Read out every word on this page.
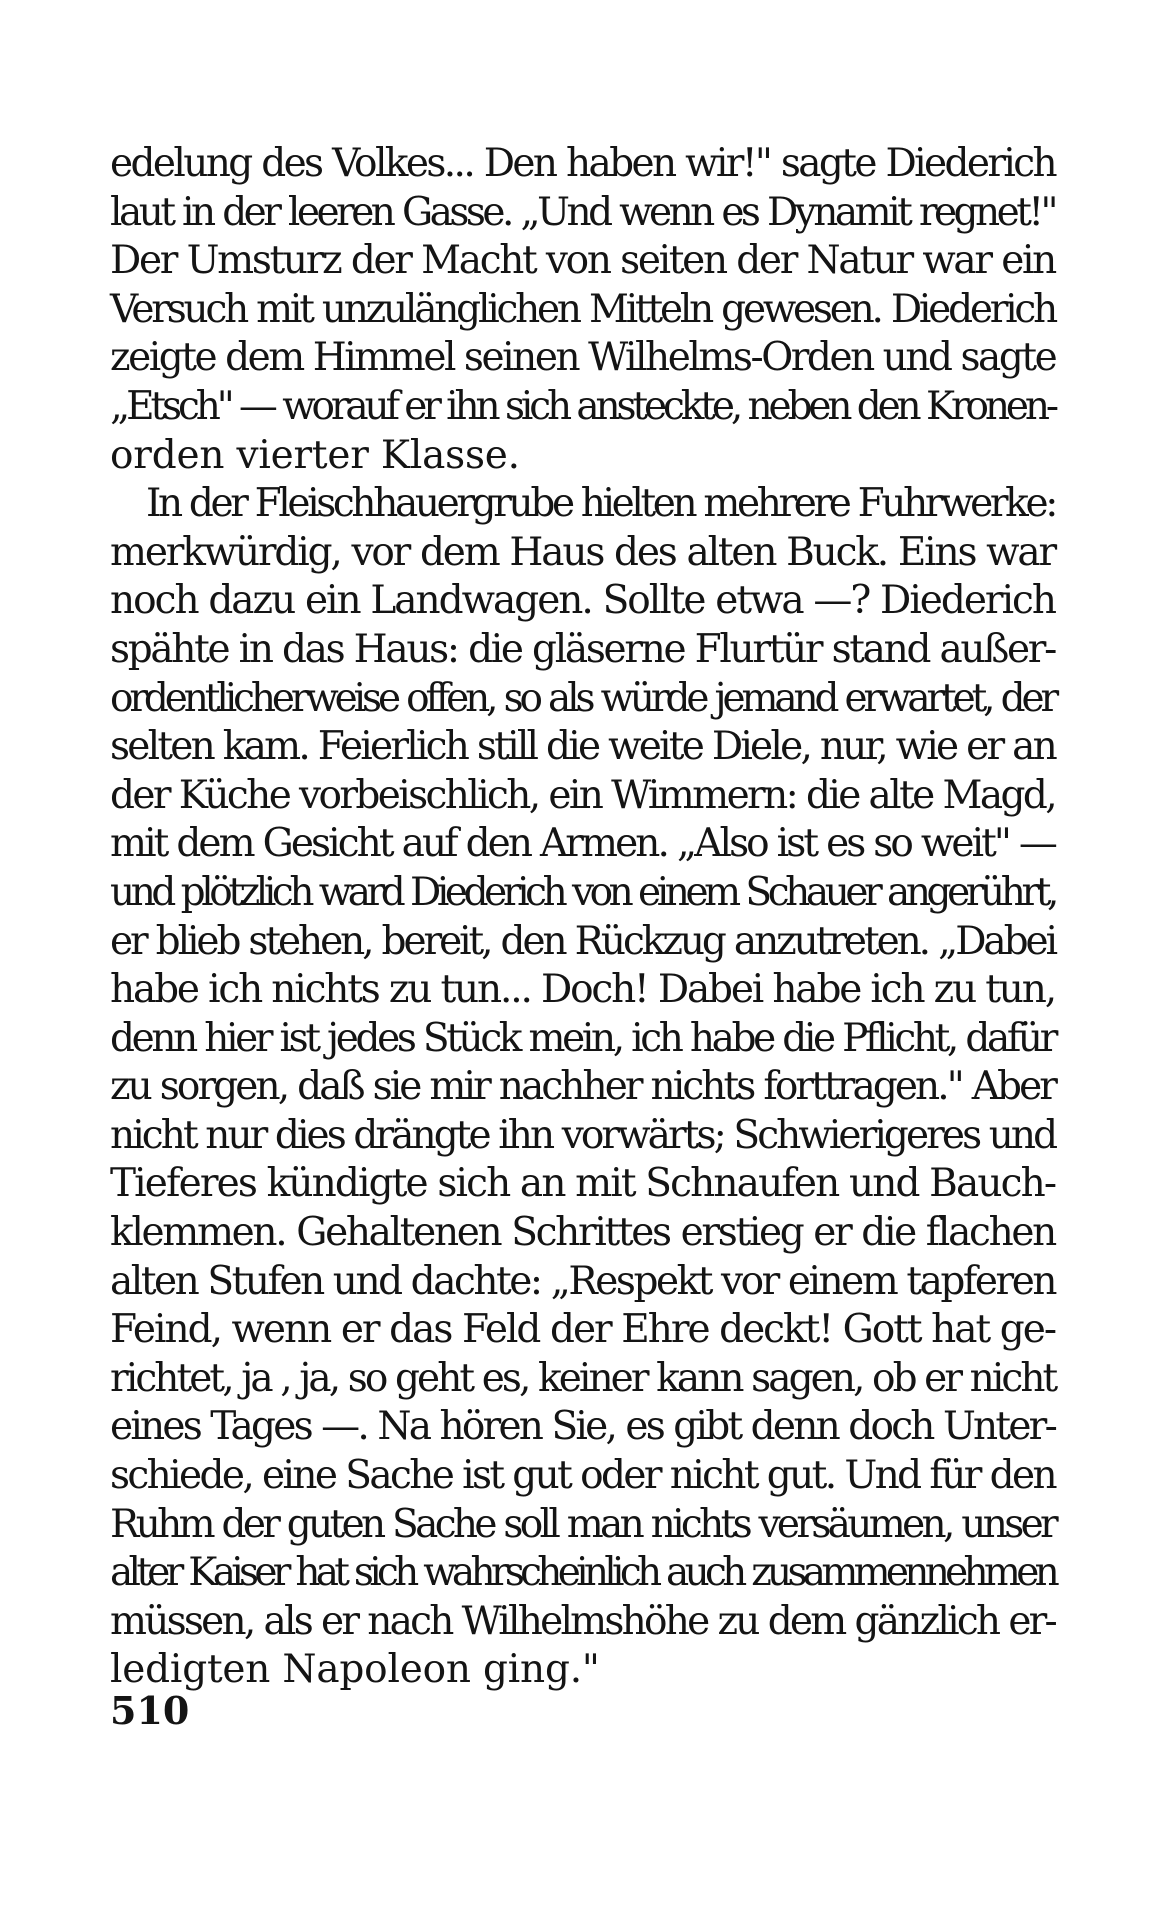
edelung des Volkes... Den haben wir!" sagte Diederich
laut in der leeren Gasse. „Und wenn es Dynamit regnet!"
Der Umsturz der Macht von seiten der Natur war ein
Versuch mit unzulänglichen Mitteln gewesen. Diederich
zeigte dem Himmel seinen Wilhelms-Orden und sagte
„Etsch" — worauf er ihn sich ansteckte, neben den Kronen-
orden vierter Klasse.
In der Fleischhauergrube hielten mehrere Fuhrwerke:
merkwürdig, vor dem Haus des alten Buck. Eins war
noch dazu ein Landwagen. Sollte etwa —? Diederich
spähte in das Haus: die gläserne Flurtür stand außer-
ordentlicherweise offen, so als würde jemand erwartet, der
selten kam. Feierlich still die weite Diele, nur, wie er an
der Küche vorbeischlich, ein Wimmern: die alte Magd,
mit dem Gesicht auf den Armen. „Also ist es so weit" —
und plötzlich ward Diederich von einem Schauer angerührt,
er blieb stehen, bereit, den Rückzug anzutreten. „Dabei
habe ich nichts zu tun... Doch! Dabei habe ich zu tun,
denn hier ist jedes Stück mein, ich habe die Pflicht, dafür
zu sorgen, daß sie mir nachher nichts forttragen." Aber
nicht nur dies drängte ihn vorwärts; Schwierigeres und
Tieferes kündigte sich an mit Schnaufen und Bauch-
klemmen. Gehaltenen Schrittes erstieg er die flachen
alten Stufen und dachte: „Respekt vor einem tapferen
Feind, wenn er das Feld der Ehre deckt! Gott hat ge-
richtet, ja , ja, so geht es, keiner kann sagen, ob er nicht
eines Tages —. Na hören Sie, es gibt denn doch Unter-
schiede, eine Sache ist gut oder nicht gut. Und für den
Ruhm der guten Sache soll man nichts versäumen, unser
alter Kaiser hat sich wahrscheinlich auch zusammennehmen
müssen, als er nach Wilhelmshöhe zu dem gänzlich er-
ledigten Napoleon ging."
510
